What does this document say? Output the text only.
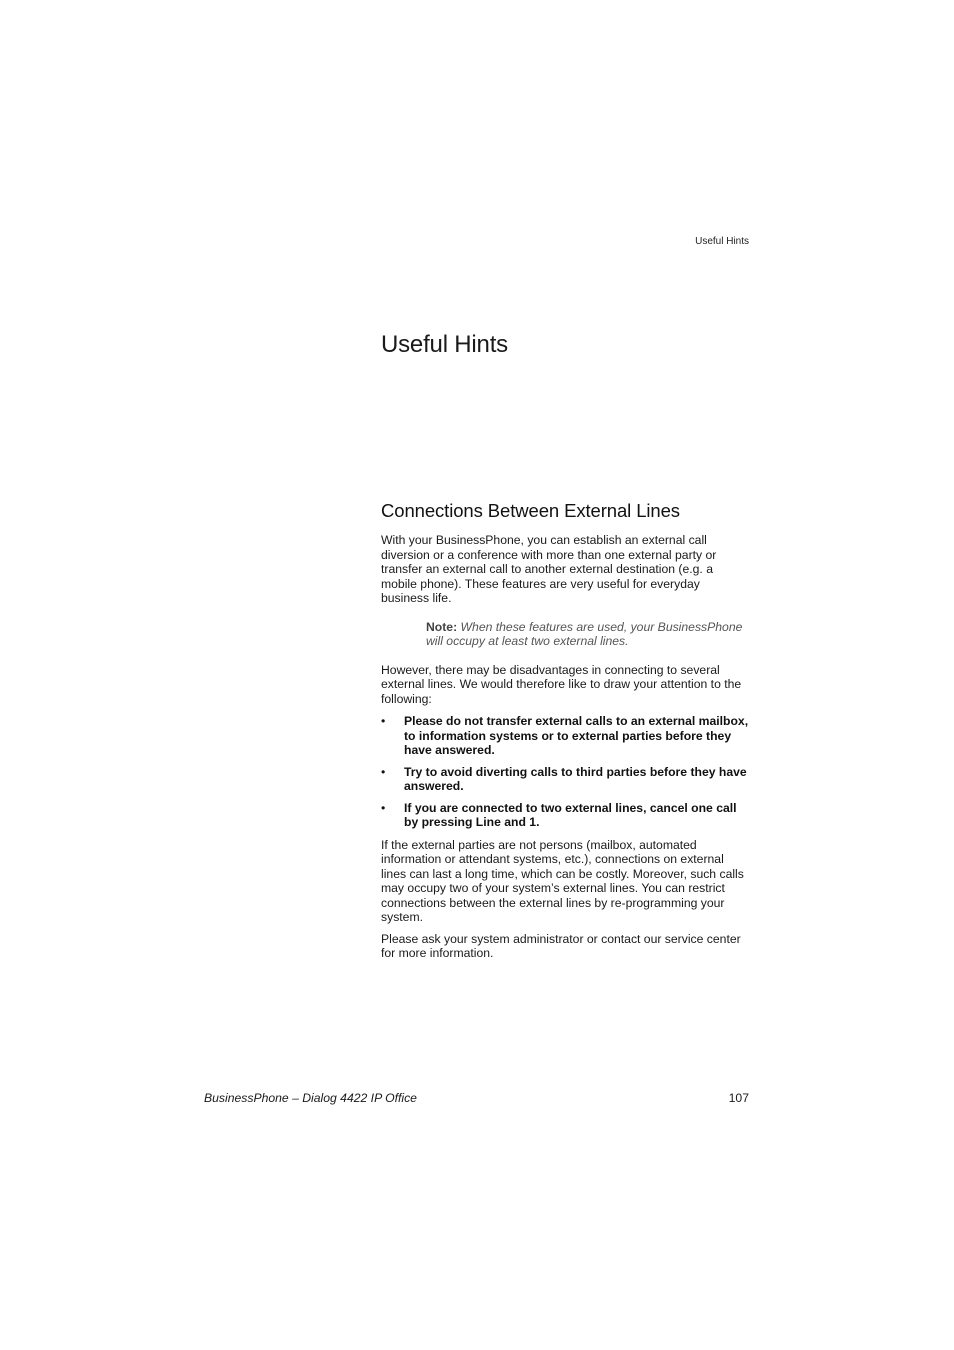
Useful Hints
Useful Hints
Connections Between External Lines

With your BusinessPhone, you can establish an external call diversion or a conference with more than one external party or transfer an external call to another external destination (e.g. a mobile phone). These features are very useful for everyday business life.

Note: When these features are used, your BusinessPhone will occupy at least two external lines.

However, there may be disadvantages in connecting to several external lines. We would therefore like to draw your attention to the following:

• Please do not transfer external calls to an external mailbox, to information systems or to external parties before they have answered.
• Try to avoid diverting calls to third parties before they have answered.
• If you are connected to two external lines, cancel one call by pressing Line and 1.

If the external parties are not persons (mailbox, automated information or attendant systems, etc.), connections on external lines can last a long time, which can be costly. Moreover, such calls may occupy two of your system’s external lines. You can restrict connections between the external lines by re-programming your system.

Please ask your system administrator or contact our service center for more information.

BusinessPhone – Dialog 4422 IP Office	107
